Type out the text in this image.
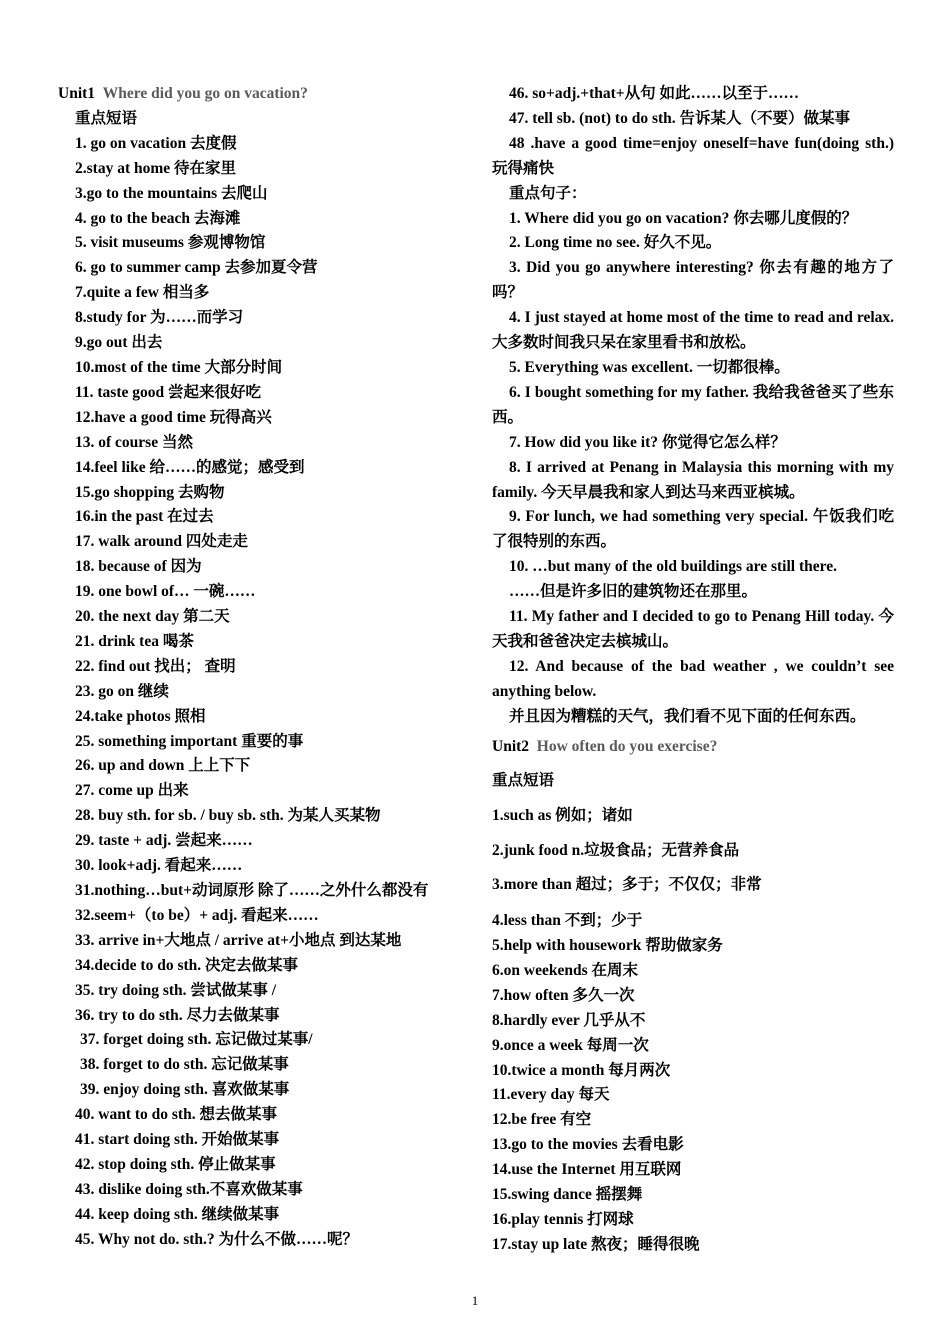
Unit1 Where did you go on vacation?

重点短语

1. go on vacation 去度假

2.stay at home 待在家里

3.go to the mountains 去爬山

4. go to the beach 去海滩

5. visit museums 参观博物馆

6. go to summer camp 去参加夏令营

7.quite a few 相当多

8.study for 为……而学习

9.go out 出去

10.most of the time 大部分时间

11. taste good 尝起来很好吃

12.have a good time 玩得高兴

13. of course 当然

14.feel like 给……的感觉；感受到

15.go shopping 去购物

16.in the past 在过去

17. walk around 四处走走

18. because of 因为

19. one bowl of… 一碗……

20. the next day 第二天

21. drink tea 喝茶

22. find out 找出； 查明

23. go on 继续

24.take photos 照相

25. something important 重要的事

26. up and down 上上下下

27. come up 出来

28. buy sth. for sb. / buy sb. sth. 为某人买某物

29. taste + adj. 尝起来……

30. look+adj. 看起来……

31.nothing…but+动词原形 除了……之外什么都没有

32.seem+（to be）+ adj. 看起来……

33. arrive in+大地点 / arrive at+小地点 到达某地

34.decide to do sth. 决定去做某事

35. try doing sth. 尝试做某事 /

36. try to do sth. 尽力去做某事

37. forget doing sth. 忘记做过某事/

38. forget to do sth. 忘记做某事

39. enjoy doing sth. 喜欢做某事

40. want to do sth. 想去做某事

41. start doing sth. 开始做某事

42. stop doing sth. 停止做某事

43. dislike doing sth.不喜欢做某事

44. keep doing sth. 继续做某事

45. Why not do. sth.? 为什么不做……呢？

46. so+adj.+that+从句 如此……以至于……

47. tell sb. (not) to do sth. 告诉某人（不要）做某事

48 .have a good time=enjoy oneself=have fun(doing sth.)玩得痛快

重点句子：

1. Where did you go on vacation? 你去哪儿度假的？

2. Long time no see. 好久不见。

3. Did you go anywhere interesting? 你去有趣的地方了吗？

4. I just stayed at home most of the time to read and relax. 大多数时间我只呆在家里看书和放松。

5. Everything was excellent. 一切都很棒。

6. I bought something for my father. 我给我爸爸买了些东西。

7. How did you like it? 你觉得它怎么样？

8. I arrived at Penang in Malaysia this morning with my family. 今天早晨我和家人到达马来西亚槟城。

9. For lunch, we had something very special. 午饭我们吃了很特别的东西。

10. …but many of the old buildings are still there.

……但是许多旧的建筑物还在那里。

11. My father and I decided to go to Penang Hill today. 今天我和爸爸决定去槟城山。

12. And because of the bad weather , we couldn’t see anything below.

并且因为糟糕的天气，我们看不见下面的任何东西。

Unit2 How often do you exercise?

重点短语

1.such as 例如；诸如

2.junk food n.垃圾食品；无营养食品

3.more than 超过；多于；不仅仅；非常

4.less than 不到；少于

5.help with housework 帮助做家务

6.on weekends 在周末

7.how often 多久一次

8.hardly ever 几乎从不

9.once a week 每周一次

10.twice a month 每月两次

11.every day 每天

12.be free 有空

13.go to the movies 去看电影

14.use the Internet 用互联网

15.swing dance 摇摆舞

16.play tennis 打网球

17.stay up late 熬夜；睡得很晚

1
